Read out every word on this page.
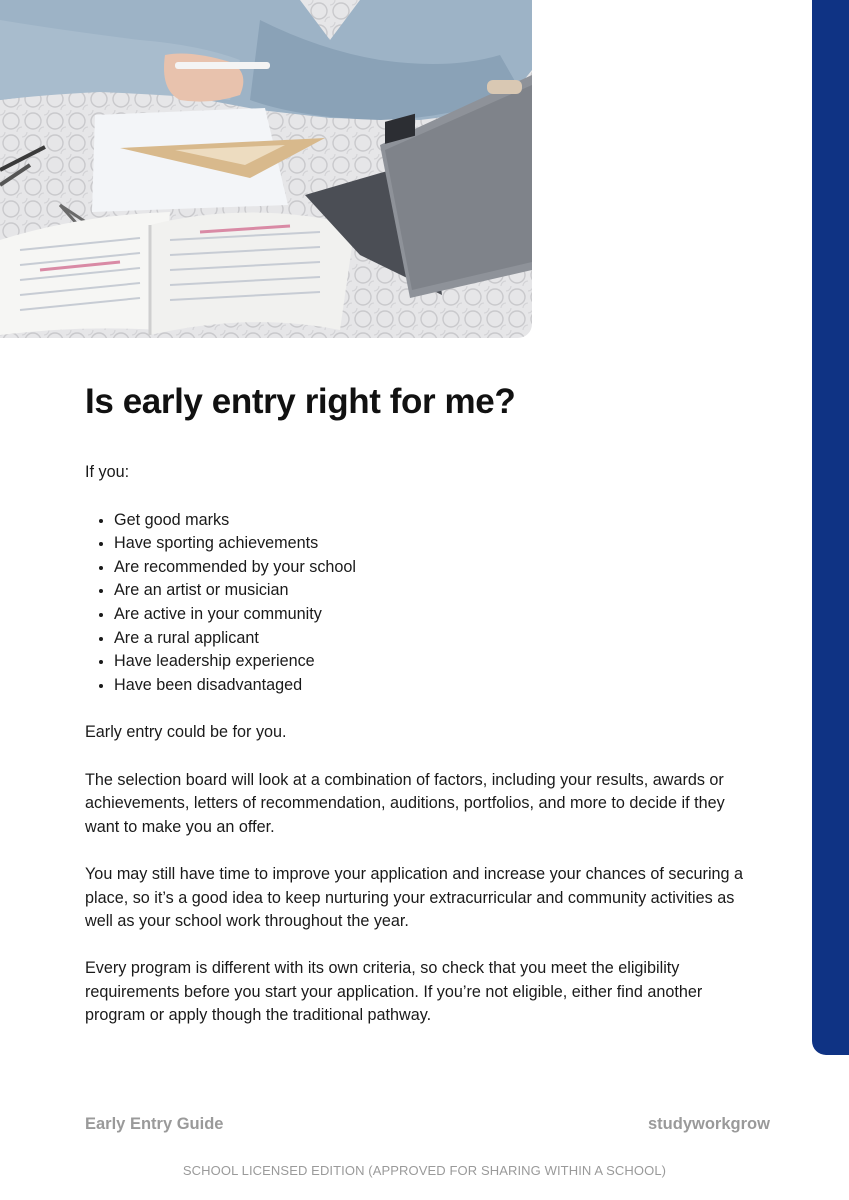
Is early entry right for me?

If you:

• Get good marks
• Have sporting achievements
• Are recommended by your school
• Are an artist or musician
• Are active in your community
• Are a rural applicant
• Have leadership experience
• Have been disadvantaged

Early entry could be for you.

The selection board will look at a combination of factors, including your results, awards or achievements, letters of recommendation, auditions, portfolios, and more to decide if they want to make you an offer.

You may still have time to improve your application and increase your chances of securing a place, so it’s a good idea to keep nurturing your extracurricular and community activities as well as your school work throughout the year.

Every program is different with its own criteria, so check that you meet the eligibility requirements before you start your application. If you’re not eligible, either find another program or apply though the traditional pathway.

Early Entry Guide	studyworkgrow
SCHOOL LICENSED EDITION (APPROVED FOR SHARING WITHIN A SCHOOL)
